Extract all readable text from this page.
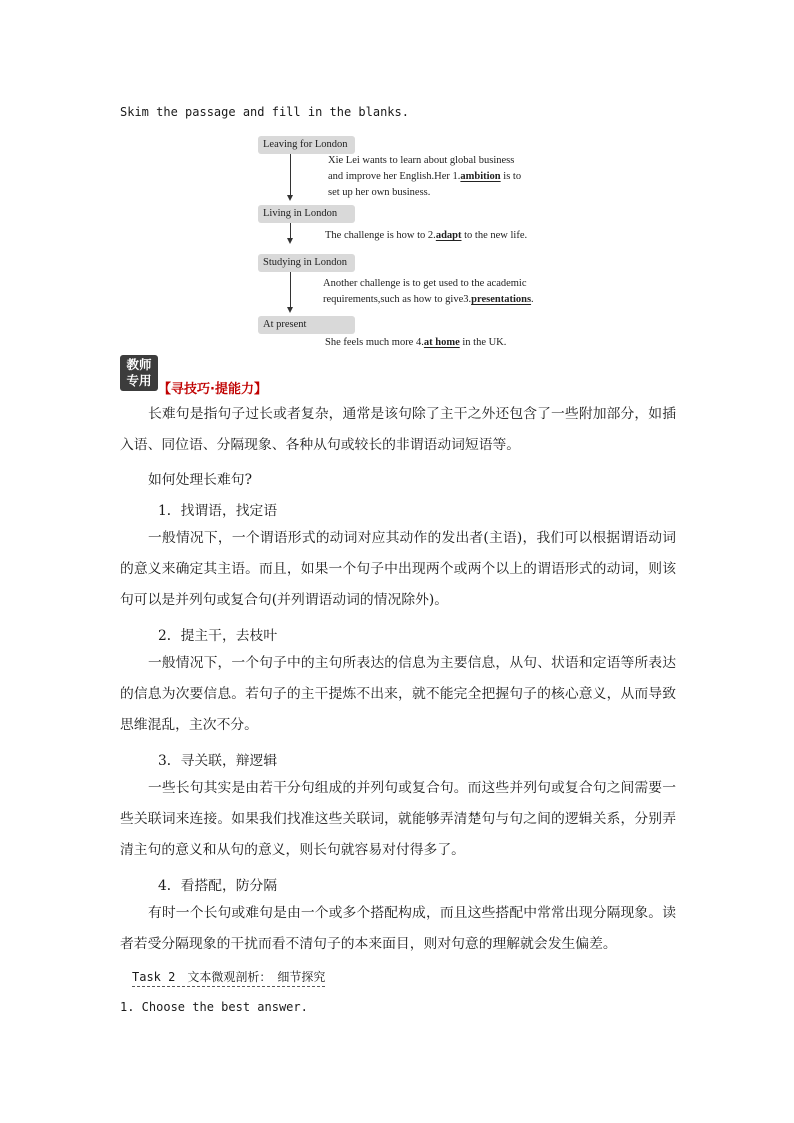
Skim the passage and fill in the blanks.
Leaving for London
Xie Lei wants to learn about global business
and improve her English.Her 1.ambition is to
set up her own business.
Living in London
The challenge is how to 2.adapt to the new life.
Studying in London
Another challenge is to get used to the academic
requirements,such as how to give3.presentations.
At present
She feels much more 4.at home in the UK.
教师
专用
【寻技巧·提能力】
长难句是指句子过长或者复杂，通常是该句除了主干之外还包含了一些附加部分，如插入语、同位语、分隔现象、各种从句或较长的非谓语动词短语等。
如何处理长难句?
1．找谓语，找定语
一般情况下，一个谓语形式的动词对应其动作的发出者(主语)，我们可以根据谓语动词的意义来确定其主语。而且，如果一个句子中出现两个或两个以上的谓语形式的动词，则该句可以是并列句或复合句(并列谓语动词的情况除外)。
2．提主干，去枝叶
一般情况下，一个句子中的主句所表达的信息为主要信息，从句、状语和定语等所表达的信息为次要信息。若句子的主干提炼不出来，就不能完全把握句子的核心意义，从而导致思维混乱，主次不分。
3．寻关联，辩逻辑
一些长句其实是由若干分句组成的并列句或复合句。而这些并列句或复合句之间需要一些关联词来连接。如果我们找准这些关联词，就能够弄清楚句与句之间的逻辑关系，分别弄清主句的意义和从句的意义，则长句就容易对付得多了。
4．看搭配，防分隔
有时一个长句或难句是由一个或多个搭配构成，而且这些搭配中常常出现分隔现象。读者若受分隔现象的干扰而看不清句子的本来面目，则对句意的理解就会发生偏差。
Task 2　文本微观剖析：　细节探究
1. Choose the best answer.
